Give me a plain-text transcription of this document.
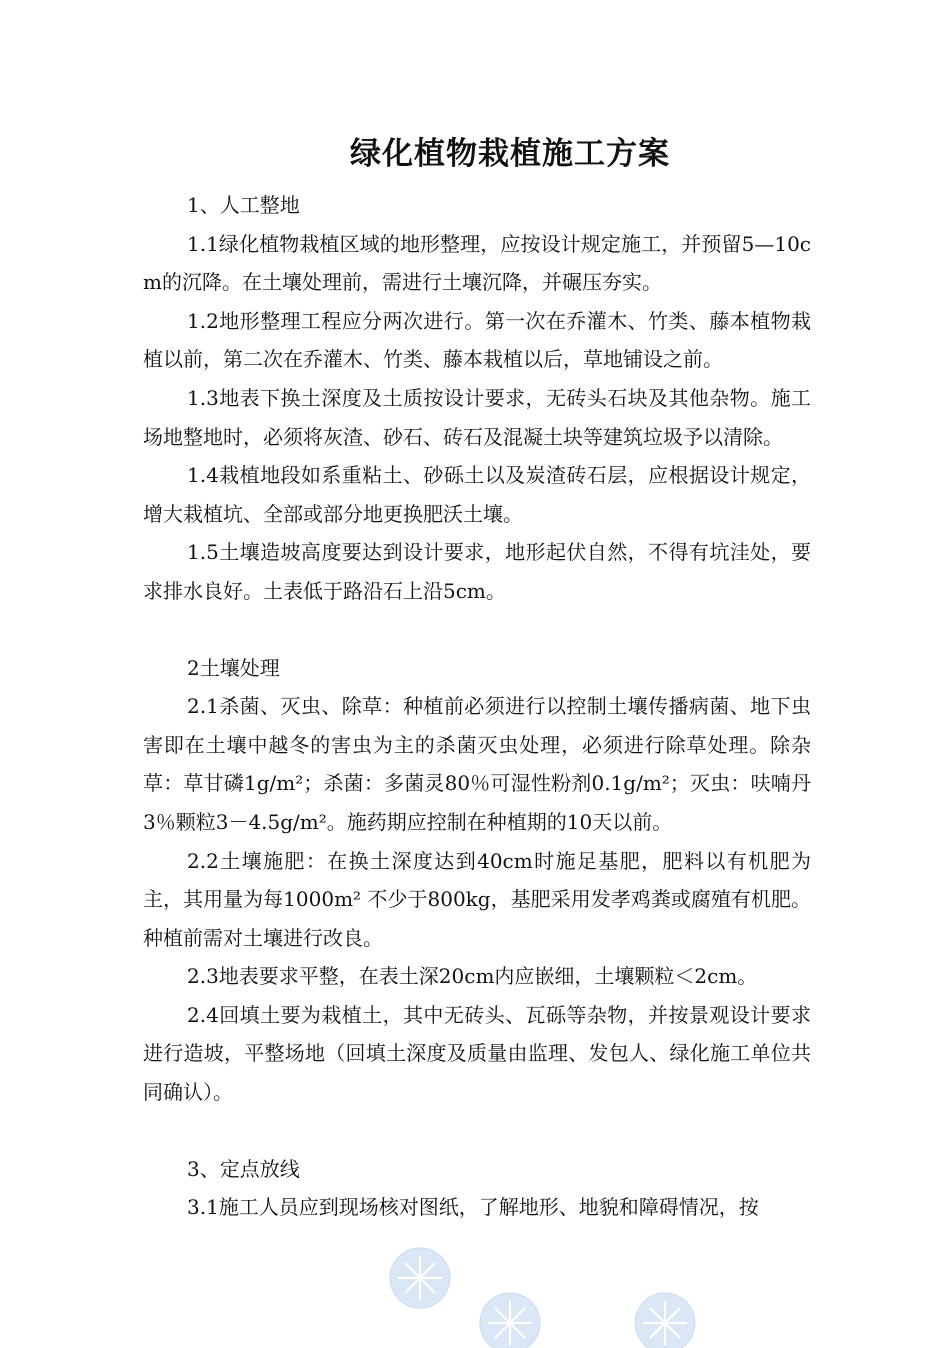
绿化植物栽植施工方案

1、人工整地

1.1绿化植物栽植区域的地形整理，应按设计规定施工，并预留5—10cm的沉降。在土壤处理前，需进行土壤沉降，并碾压夯实。

1.2地形整理工程应分两次进行。第一次在乔灌木、竹类、藤本植物栽植以前，第二次在乔灌木、竹类、藤本栽植以后，草地铺设之前。

1.3地表下换土深度及土质按设计要求，无砖头石块及其他杂物。施工场地整地时，必须将灰渣、砂石、砖石及混凝土块等建筑垃圾予以清除。

1.4栽植地段如系重粘土、砂砾土以及炭渣砖石层，应根据设计规定，增大栽植坑、全部或部分地更换肥沃土壤。

1.5土壤造坡高度要达到设计要求，地形起伏自然，不得有坑洼处，要求排水良好。土表低于路沿石上沿5cm。

2土壤处理

2.1杀菌、灭虫、除草：种植前必须进行以控制土壤传播病菌、地下虫害即在土壤中越冬的害虫为主的杀菌灭虫处理，必须进行除草处理。除杂草：草甘磷1g/m²；杀菌：多菌灵80％可湿性粉剂0.1g/m²；灭虫：呋喃丹3％颗粒3－4.5g/m²。施药期应控制在种植期的10天以前。

2.2土壤施肥：在换土深度达到40cm时施足基肥，肥料以有机肥为主，其用量为每1000m² 不少于800kg，基肥采用发孝鸡粪或腐殖有机肥。种植前需对土壤进行改良。

2.3地表要求平整，在表土深20cm内应嵌细，土壤颗粒＜2cm。

2.4回填土要为栽植土，其中无砖头、瓦砾等杂物，并按景观设计要求进行造坡，平整场地（回填土深度及质量由监理、发包人、绿化施工单位共同确认）。

3、定点放线

3.1施工人员应到现场核对图纸，了解地形、地貌和障碍情况，按
